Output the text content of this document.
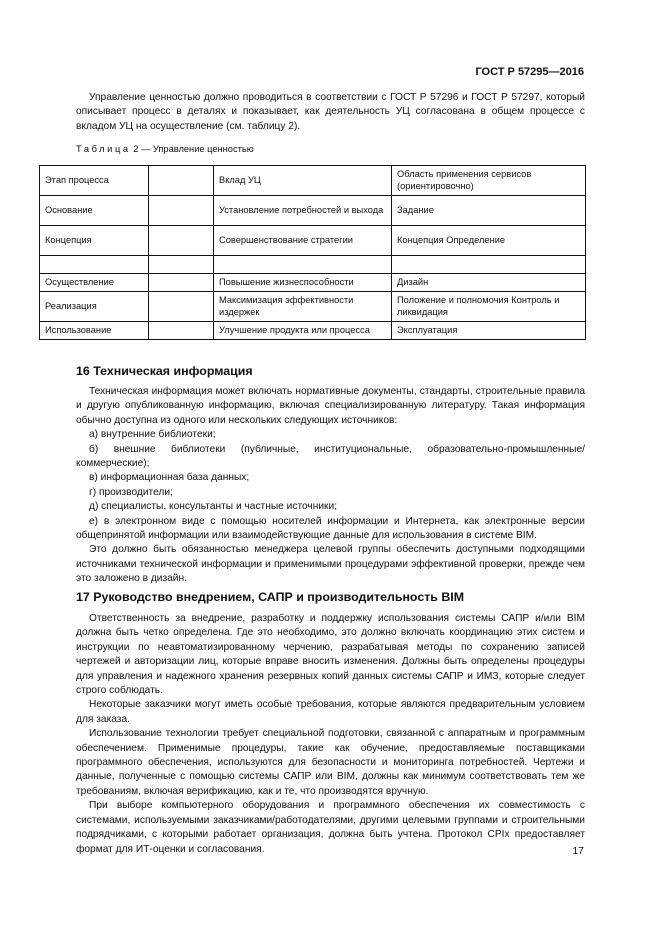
ГОСТ Р 57295—2016

Управление ценностью должно проводиться в соответствии с ГОСТ Р 57296 и ГОСТ Р 57297, который описывает процесс в деталях и показывает, как деятельность УЦ согласована в общем процессе с вкладом УЦ на осуществление (см. таблицу 2).

Таблица 2 — Управление ценностью
Этап процесса		Вклад УЦ	Область применения сервисов (ориентировочно)
Основание		Установление потребностей и выхода	Задание
Концепция		Совершенствование стратегии	Концепция Определение

Осуществление		Повышение жизнеспособности	Дизайн
Реализация		Максимизация эффективности издержек	Положение и полномочия Контроль и ликвидация
Использование		Улучшение продукта или процесса	Эксплуатация
16 Техническая информация

Техническая информация может включать нормативные документы, стандарты, строительные правила и другую опубликованную информацию, включая специализированную литературу. Такая информация обычно доступна из одного или нескольких следующих источников:

а) внутренние библиотеки;

б) внешние библиотеки (публичные, институциональные, образовательно-промышленные/коммерческие);

в) информационная база данных;

г) производители;

д) специалисты, консультанты и частные источники;

е) в электронном виде с помощью носителей информации и Интернета, как электронные версии общепринятой информации или взаимодействующие данные для использования в системе BIM.

Это должно быть обязанностью менеджера целевой группы обеспечить доступными подходящими источниками технической информации и применимыми процедурами эффективной проверки, прежде чем это заложено в дизайн.

17 Руководство внедрением, САПР и производительность BIM

Ответственность за внедрение, разработку и поддержку использования системы САПР и/или BIM должна быть четко определена. Где это необходимо, это должно включать координацию этих систем и инструкции по неавтоматизированному черчению, разрабатывая методы по сохранению записей чертежей и авторизации лиц, которые вправе вносить изменения. Должны быть определены процедуры для управления и надежного хранения резервных копий данных системы САПР и ИМЗ, которые следует строго соблюдать.

Некоторые заказчики могут иметь особые требования, которые являются предварительным условием для заказа.

Использование технологии требует специальной подготовки, связанной с аппаратным и программным обеспечением. Применимые процедуры, такие как обучение, предоставляемые поставщиками программного обеспечения, используются для безопасности и мониторинга потребностей. Чертежи и данные, полученные с помощью системы САПР или BIM, должны как минимум соответствовать тем же требованиям, включая верификацию, как и те, что производятся вручную.

При выборе компьютерного оборудования и программного обеспечения их совместимость с системами, используемыми заказчиками/работодателями, другими целевыми группами и строительными подрядчиками, с которыми работает организация, должна быть учтена. Протокол CPIx предоставляет формат для ИТ-оценки и согласования.	17
